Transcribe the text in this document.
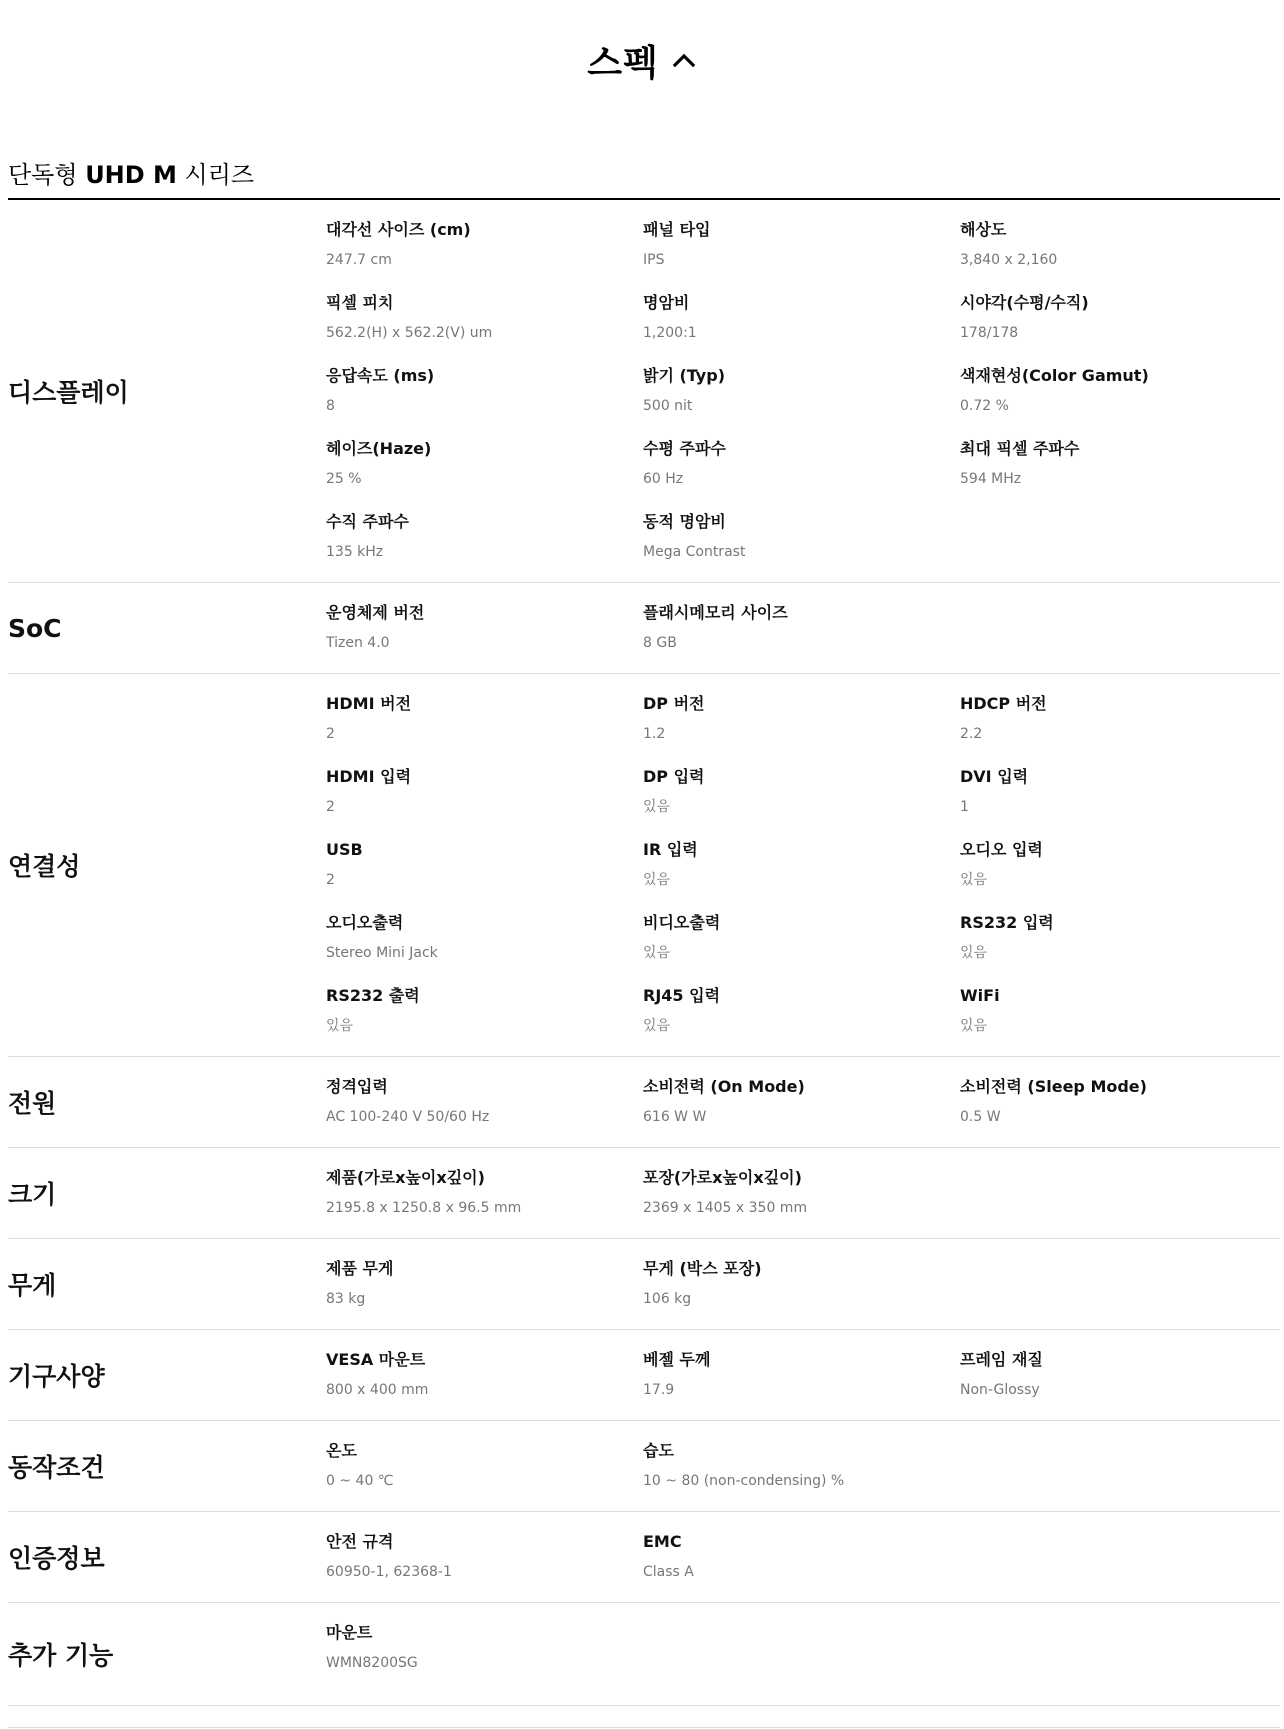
스펙
단독형 UHD M 시리즈
디스플레이
대각선 사이즈 (cm)
247.7 cm
패널 타입
IPS
해상도
3,840 x 2,160
픽셀 피치
562.2(H) x 562.2(V) um
명암비
1,200:1
시야각(수평/수직)
178/178
응답속도 (ms)
8
밝기 (Typ)
500 nit
색재현성(Color Gamut)
0.72 %
헤이즈(Haze)
25 %
수평 주파수
60 Hz
최대 픽셀 주파수
594 MHz
수직 주파수
135 kHz
동적 명암비
Mega Contrast
SoC
운영체제 버전
Tizen 4.0
플래시메모리 사이즈
8 GB
연결성
HDMI 버전
2
DP 버전
1.2
HDCP 버전
2.2
HDMI 입력
2
DP 입력
있음
DVI 입력
1
USB
2
IR 입력
있음
오디오 입력
있음
오디오출력
Stereo Mini Jack
비디오출력
있음
RS232 입력
있음
RS232 출력
있음
RJ45 입력
있음
WiFi
있음
전원
정격입력
AC 100-240 V 50/60 Hz
소비전력 (On Mode)
616 W W
소비전력 (Sleep Mode)
0.5 W
크기
제품(가로x높이x깊이)
2195.8 x 1250.8 x 96.5 mm
포장(가로x높이x깊이)
2369 x 1405 x 350 mm
무게
제품 무게
83 kg
무게 (박스 포장)
106 kg
기구사양
VESA 마운트
800 x 400 mm
베젤 두께
17.9
프레임 재질
Non-Glossy
동작조건
온도
0 ~ 40 ℃
습도
10 ~ 80 (non-condensing) %
인증정보
안전 규격
60950-1, 62368-1
EMC
Class A
추가 기능
마운트
WMN8200SG
